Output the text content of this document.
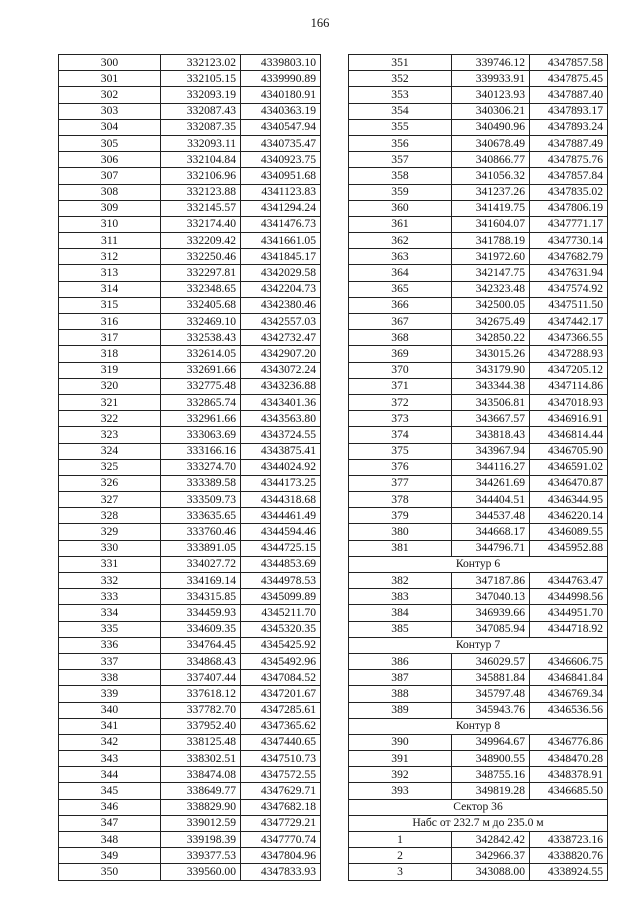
166
300	332123.02	4339803.10
301	332105.15	4339990.89
302	332093.19	4340180.91
303	332087.43	4340363.19
304	332087.35	4340547.94
305	332093.11	4340735.47
306	332104.84	4340923.75
307	332106.96	4340951.68
308	332123.88	4341123.83
309	332145.57	4341294.24
310	332174.40	4341476.73
311	332209.42	4341661.05
312	332250.46	4341845.17
313	332297.81	4342029.58
314	332348.65	4342204.73
315	332405.68	4342380.46
316	332469.10	4342557.03
317	332538.43	4342732.47
318	332614.05	4342907.20
319	332691.66	4343072.24
320	332775.48	4343236.88
321	332865.74	4343401.36
322	332961.66	4343563.80
323	333063.69	4343724.55
324	333166.16	4343875.41
325	333274.70	4344024.92
326	333389.58	4344173.25
327	333509.73	4344318.68
328	333635.65	4344461.49
329	333760.46	4344594.46
330	333891.05	4344725.15
331	334027.72	4344853.69
332	334169.14	4344978.53
333	334315.85	4345099.89
334	334459.93	4345211.70
335	334609.35	4345320.35
336	334764.45	4345425.92
337	334868.43	4345492.96
338	337407.44	4347084.52
339	337618.12	4347201.67
340	337782.70	4347285.61
341	337952.40	4347365.62
342	338125.48	4347440.65
343	338302.51	4347510.73
344	338474.08	4347572.55
345	338649.77	4347629.71
346	338829.90	4347682.18
347	339012.59	4347729.21
348	339198.39	4347770.74
349	339377.53	4347804.96
350	339560.00	4347833.93
351	339746.12	4347857.58
352	339933.91	4347875.45
353	340123.93	4347887.40
354	340306.21	4347893.17
355	340490.96	4347893.24
356	340678.49	4347887.49
357	340866.77	4347875.76
358	341056.32	4347857.84
359	341237.26	4347835.02
360	341419.75	4347806.19
361	341604.07	4347771.17
362	341788.19	4347730.14
363	341972.60	4347682.79
364	342147.75	4347631.94
365	342323.48	4347574.92
366	342500.05	4347511.50
367	342675.49	4347442.17
368	342850.22	4347366.55
369	343015.26	4347288.93
370	343179.90	4347205.12
371	343344.38	4347114.86
372	343506.81	4347018.93
373	343667.57	4346916.91
374	343818.43	4346814.44
375	343967.94	4346705.90
376	344116.27	4346591.02
377	344261.69	4346470.87
378	344404.51	4346344.95
379	344537.48	4346220.14
380	344668.17	4346089.55
381	344796.71	4345952.88
Контур 6		
382	347187.86	4344763.47
383	347040.13	4344998.56
384	346939.66	4344951.70
385	347085.94	4344718.92
Контур 7		
386	346029.57	4346606.75
387	345881.84	4346841.84
388	345797.48	4346769.34
389	345943.76	4346536.56
Контур 8		
390	349964.67	4346776.86
391	348900.55	4348470.28
392	348755.16	4348378.91
393	349819.28	4346685.50
Сектор 36		
Набс от 232.7 м до 235.0 м		
1	342842.42	4338723.16
2	342966.37	4338820.76
3	343088.00	4338924.55
